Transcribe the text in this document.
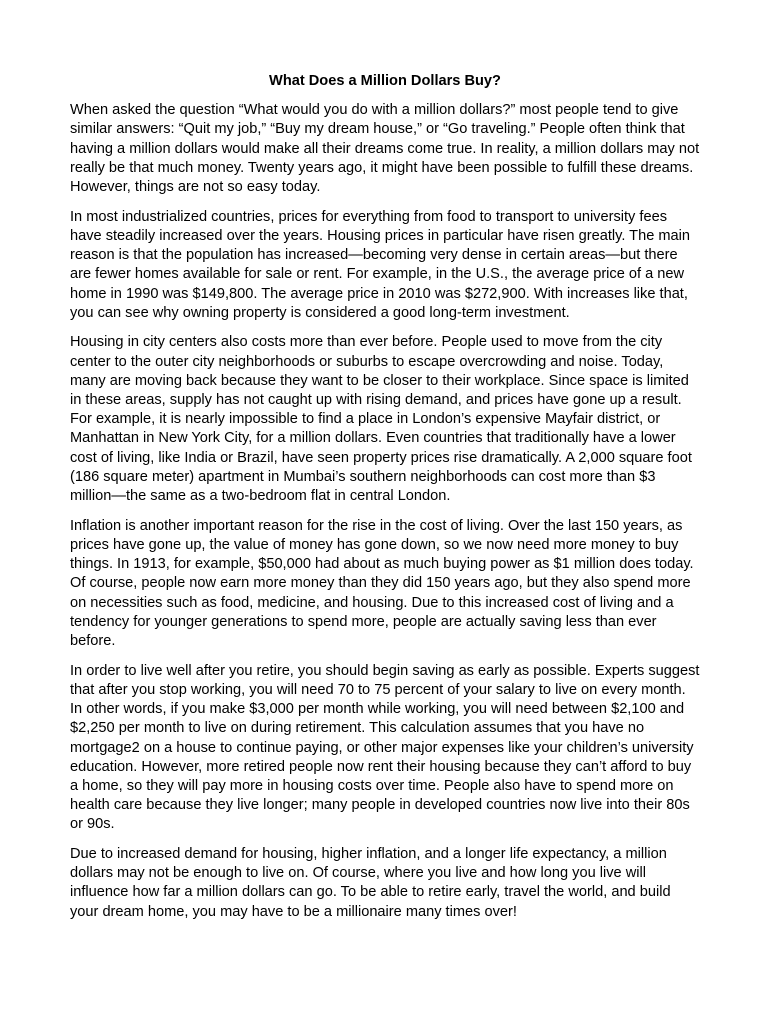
What Does a Million Dollars Buy?

When asked the question “What would you do with a million dollars?” most people tend to give similar answers: “Quit my job,” “Buy my dream house,” or “Go traveling.” People often think that having a million dollars would make all their dreams come true. In reality, a million dollars may not really be that much money. Twenty years ago, it might have been possible to fulfill these dreams. However, things are not so easy today.

In most industrialized countries, prices for everything from food to transport to university fees have steadily increased over the years. Housing prices in particular have risen greatly. The main reason is that the population has increased—becoming very dense in certain areas—but there are fewer homes available for sale or rent. For example, in the U.S., the average price of a new home in 1990 was $149,800. The average price in 2010 was $272,900. With increases like that, you can see why owning property is considered a good long-term investment.

Housing in city centers also costs more than ever before. People used to move from the city center to the outer city neighborhoods or suburbs to escape overcrowding and noise. Today, many are moving back because they want to be closer to their workplace. Since space is limited in these areas, supply has not caught up with rising demand, and prices have gone up a result. For example, it is nearly impossible to find a place in London’s expensive Mayfair district, or Manhattan in New York City, for a million dollars. Even countries that traditionally have a lower cost of living, like India or Brazil, have seen property prices rise dramatically. A 2,000 square foot (186 square meter) apartment in Mumbai’s southern neighborhoods can cost more than $3 million—the same as a two-bedroom flat in central London.

Inflation is another important reason for the rise in the cost of living. Over the last 150 years, as prices have gone up, the value of money has gone down, so we now need more money to buy things. In 1913, for example, $50,000 had about as much buying power as $1 million does today. Of course, people now earn more money than they did 150 years ago, but they also spend more on necessities such as food, medicine, and housing. Due to this increased cost of living and a tendency for younger generations to spend more, people are actually saving less than ever before.

In order to live well after you retire, you should begin saving as early as possible. Experts suggest that after you stop working, you will need 70 to 75 percent of your salary to live on every month. In other words, if you make $3,000 per month while working, you will need between $2,100 and $2,250 per month to live on during retirement. This calculation assumes that you have no mortgage2 on a house to continue paying, or other major expenses like your children’s university education. However, more retired people now rent their housing because they can’t afford to buy a home, so they will pay more in housing costs over time. People also have to spend more on health care because they live longer; many people in developed countries now live into their 80s or 90s.

Due to increased demand for housing, higher inflation, and a longer life expectancy, a million dollars may not be enough to live on. Of course, where you live and how long you live will influence how far a million dollars can go. To be able to retire early, travel the world, and build your dream home, you may have to be a millionaire many times over!
